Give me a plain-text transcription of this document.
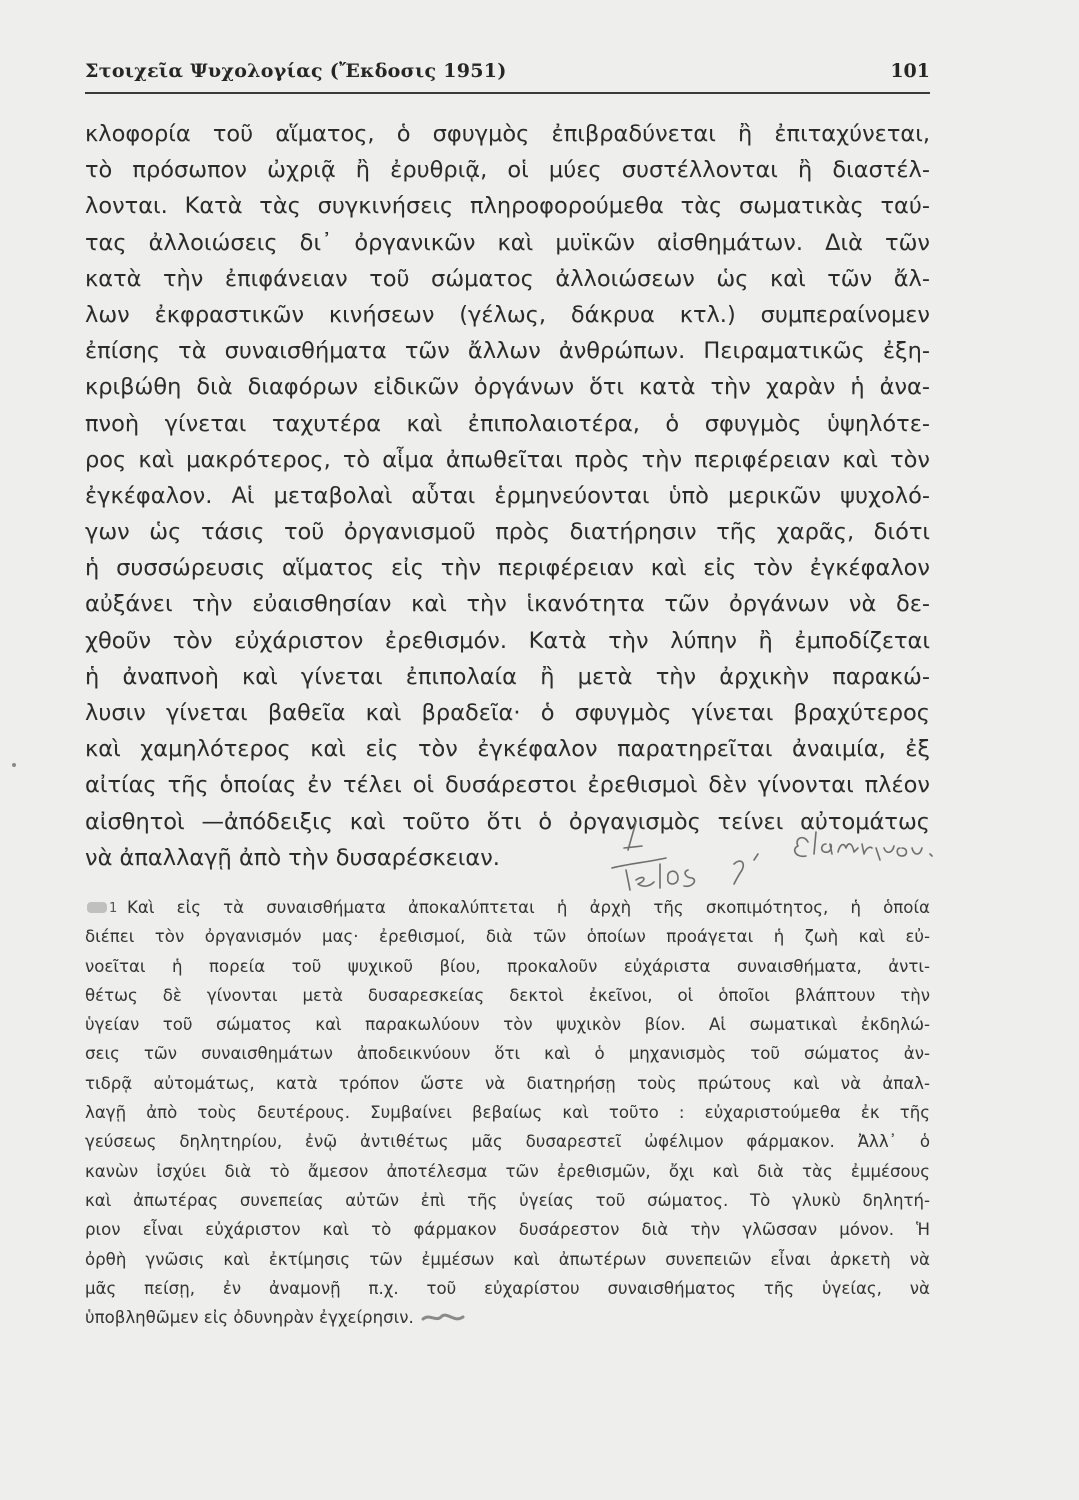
Στοιχεῖα Ψυχολογίας (Ἔκδοσις 1951)	101
κλοφορία τοῦ αἵματος, ὁ σφυγμὸς ἐπιβραδύνεται ἢ ἐπιταχύνεται,
τὸ πρόσωπον ὠχριᾷ ἢ ἐρυθριᾷ, οἱ μύες συστέλλονται ἢ διαστέλ-
λονται. Κατὰ τὰς συγκινήσεις πληροφορούμεθα τὰς σωματικὰς ταύ-
τας ἀλλοιώσεις δι᾽ ὀργανικῶν καὶ μυϊκῶν αἰσθημάτων. Διὰ τῶν
κατὰ τὴν ἐπιφάνειαν τοῦ σώματος ἀλλοιώσεων ὡς καὶ τῶν ἄλ-
λων ἐκφραστικῶν κινήσεων (γέλως, δάκρυα κτλ.) συμπεραίνομεν
ἐπίσης τὰ συναισθήματα τῶν ἄλλων ἀνθρώπων. Πειραματικῶς ἐξη-
κριβώθη διὰ διαφόρων εἰδικῶν ὀργάνων ὅτι κατὰ τὴν χαρὰν ἡ ἀνα-
πνοὴ γίνεται ταχυτέρα καὶ ἐπιπολαιοτέρα, ὁ σφυγμὸς ὑψηλότε-
ρος καὶ μακρότερος, τὸ αἷμα ἀπωθεῖται πρὸς τὴν περιφέρειαν καὶ τὸν
ἐγκέφαλον. Αἱ μεταβολαὶ αὗται ἑρμηνεύονται ὑπὸ μερικῶν ψυχολό-
γων ὡς τάσις τοῦ ὀργανισμοῦ πρὸς διατήρησιν τῆς χαρᾶς, διότι
ἡ συσσώρευσις αἵματος εἰς τὴν περιφέρειαν καὶ εἰς τὸν ἐγκέφαλον
αὐξάνει τὴν εὐαισθησίαν καὶ τὴν ἱκανότητα τῶν ὀργάνων νὰ δε-
χθοῦν τὸν εὐχάριστον ἐρεθισμόν. Κατὰ τὴν λύπην ἢ ἐμποδίζεται
ἡ ἀναπνοὴ καὶ γίνεται ἐπιπολαία ἢ μετὰ τὴν ἀρχικὴν παρακώ-
λυσιν γίνεται βαθεῖα καὶ βραδεῖα· ὁ σφυγμὸς γίνεται βραχύτερος
καὶ χαμηλότερος καὶ εἰς τὸν ἐγκέφαλον παρατηρεῖται ἀναιμία, ἐξ
αἰτίας τῆς ὁποίας ἐν τέλει οἱ δυσάρεστοι ἐρεθισμοὶ δὲν γίνονται πλέον
αἰσθητοὶ —ἀπόδειξις καὶ τοῦτο ὅτι ὁ ὀργανισμὸς τείνει αὐτομάτως
νὰ ἀπαλλαγῇ ἀπὸ τὴν δυσαρέσκειαν.
1 Καὶ εἰς τὰ συναισθήματα ἀποκαλύπτεται ἡ ἀρχὴ τῆς σκοπιμότητος, ἡ ὁποία
διέπει τὸν ὀργανισμόν μας· ἐρεθισμοί, διὰ τῶν ὁποίων προάγεται ἡ ζωὴ καὶ εὐ-
νοεῖται ἡ πορεία τοῦ ψυχικοῦ βίου, προκαλοῦν εὐχάριστα συναισθήματα, ἀντι-
θέτως δὲ γίνονται μετὰ δυσαρεσκείας δεκτοὶ ἐκεῖνοι, οἱ ὁποῖοι βλάπτουν τὴν
ὑγείαν τοῦ σώματος καὶ παρακωλύουν τὸν ψυχικὸν βίον. Αἱ σωματικαὶ ἐκδηλώ-
σεις τῶν συναισθημάτων ἀποδεικνύουν ὅτι καὶ ὁ μηχανισμὸς τοῦ σώματος ἀν-
τιδρᾷ αὐτομάτως, κατὰ τρόπον ὥστε νὰ διατηρήσῃ τοὺς πρώτους καὶ νὰ ἀπαλ-
λαγῇ ἀπὸ τοὺς δευτέρους. Συμβαίνει βεβαίως καὶ τοῦτο : εὐχαριστούμεθα ἐκ τῆς
γεύσεως δηλητηρίου, ἐνῷ ἀντιθέτως μᾶς δυσαρεστεῖ ὠφέλιμον φάρμακον. Ἀλλ᾽ ὁ
κανὼν ἰσχύει διὰ τὸ ἄμεσον ἀποτέλεσμα τῶν ἐρεθισμῶν, ὄχι καὶ διὰ τὰς ἐμμέσους
καὶ ἀπωτέρας συνεπείας αὐτῶν ἐπὶ τῆς ὑγείας τοῦ σώματος. Τὸ γλυκὺ δηλητή-
ριον εἶναι εὐχάριστον καὶ τὸ φάρμακον δυσάρεστον διὰ τὴν γλῶσσαν μόνον. Ἡ
ὀρθὴ γνῶσις καὶ ἐκτίμησις τῶν ἐμμέσων καὶ ἀπωτέρων συνεπειῶν εἶναι ἀρκετὴ νὰ
μᾶς πείσῃ, ἐν ἀναμονῇ π.χ. τοῦ εὐχαρίστου συναισθήματος τῆς ὑγείας, νὰ
ὑποβληθῶμεν εἰς ὀδυνηρὰν ἐγχείρησιν.
